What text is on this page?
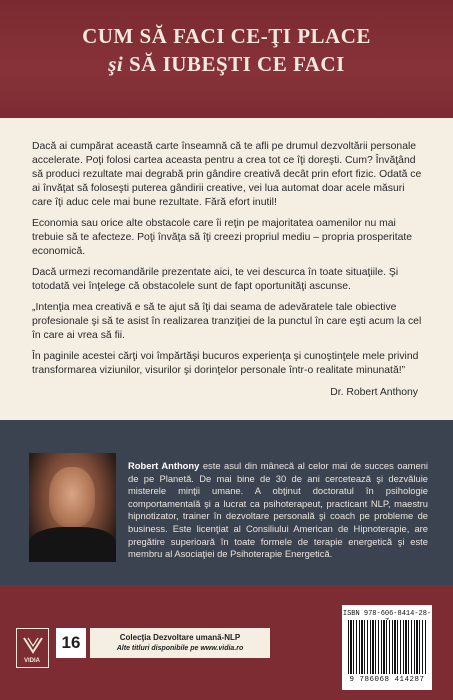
CUM SĂ FACI CE-ŢI PLACE
şi SĂ IUBEŞTI CE FACI

Dacă ai cumpărat această carte înseamnă că te afli pe drumul dezvoltării personale accelerate. Poţi folosi cartea aceasta pentru a crea tot ce îţi doreşti. Cum? Învăţând să produci rezultate mai degrabă prin gândire creativă decât prin efort fizic. Odată ce ai învăţat să foloseşti puterea gândirii creative, vei lua automat doar acele măsuri care îţi aduc cele mai bune rezultate. Fără efort inutil!

Economia sau orice alte obstacole care îi reţin pe majoritatea oamenilor nu mai trebuie să te afecteze. Poţi învăţa să îţi creezi propriul mediu – propria prosperitate economică.

Dacă urmezi recomandările prezentate aici, te vei descurca în toate situaţiile. Şi totodată vei înţelege că obstacolele sunt de fapt oportunităţi ascunse.

„Intenţia mea creativă e să te ajut să îţi dai seama de adevăratele tale obiective profesionale şi să te asist în realizarea tranziţiei de la punctul în care eşti acum la cel în care ai vrea să fii.

În paginile acestei cărţi voi împărtăşi bucuros experienţa şi cunoştinţele mele privind transformarea viziunilor, visurilor şi dorinţelor personale într-o realitate minunată!”

Dr. Robert Anthony

Robert Anthony este asul din mânecă al celor mai de succes oameni de pe Planetă. De mai bine de 30 de ani cercetează şi dezvăluie misterele minţii umane. A obţinut doctoratul în psihologie comportamentală şi a lucrat ca psihoterapeut, practicant NLP, maestru hipnotizator, trainer în dezvoltare personală şi coach pe probleme de business. Este licenţiat al Consiliului American de Hipnoterapie, are pregătire superioară în toate formele de terapie energetică şi este membru al Asociaţiei de Psihoterapie Energetică.
VIDIA
16	Colecţia Dezvoltare umană-NLP
Alte titluri disponibile pe www.vidia.ro
ISBN 978-606-8414-28-
9 786068 414287
